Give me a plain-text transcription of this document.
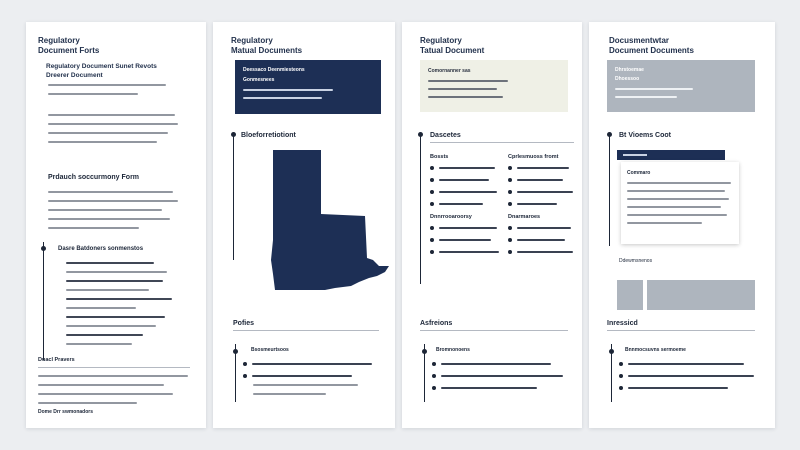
Regulatory
Document Forts
Regulatory Document Sunet Revots
Dreerer Document
Prdauch soccurmony Form
Dasre Batdoners sonmenstos
Duacl Pravers
Dome Drr swmonadors
Regulatory
Matual Documents
Deessaco Deenmiesteons
Gonmesnees
Bloeforretiotiont
Pofies
Bsosmeurtsoos
Regulatory
Tatual Document
Comornanner sas
Dascetes
Bossts	Cprlesmuoss fromt
Dnnrrooaroorsy	Dnarmaroes
Asfreions
Bromnonoens
Docusmentwtar
Document Documents
Dhrstoemae
Dhoessoo
Bt Vioems Coot
Commaro
Ddewmsnenos
Inressicd
Bnnmocsuvns sermoeme
